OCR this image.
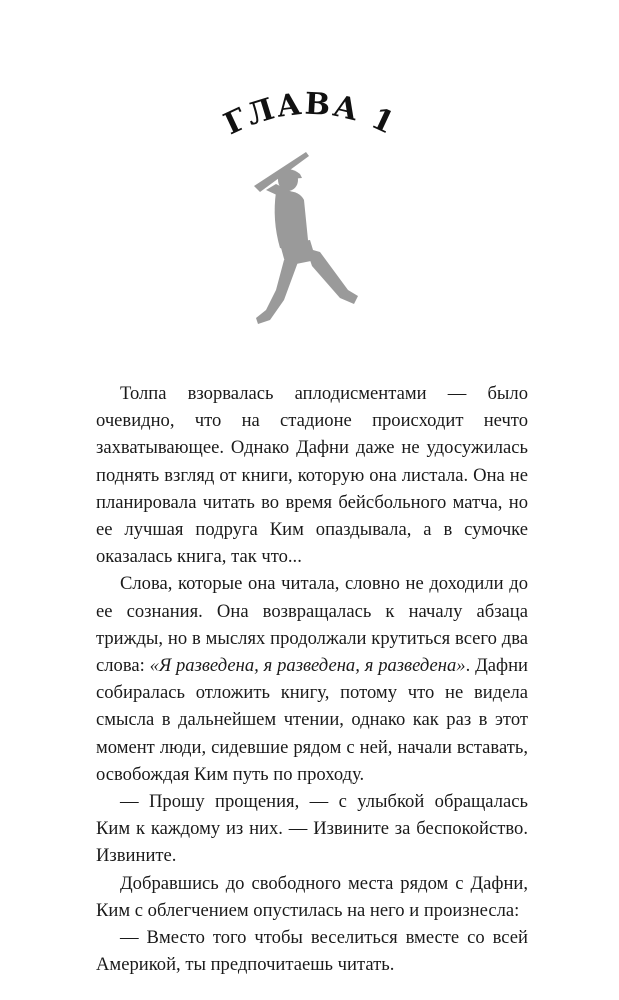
ГЛАВА 1

Толпа взорвалась аплодисментами — было очевидно, что на стадионе происходит нечто захватывающее. Однако Дафни даже не удосужилась поднять взгляд от книги, которую она листала. Она не планировала читать во время бейсбольного матча, но ее лучшая подруга Ким опаздывала, а в сумочке оказалась книга, так что...

Слова, которые она читала, словно не доходили до ее сознания. Она возвращалась к началу абзаца трижды, но в мыслях продолжали крутиться всего два слова: «Я разведена, я разведена, я разведена». Дафни собиралась отложить книгу, потому что не видела смысла в дальнейшем чтении, однако как раз в этот момент люди, сидевшие рядом с ней, начали вставать, освобождая Ким путь по проходу.

— Прошу прощения, — с улыбкой обращалась Ким к каждому из них. — Извините за беспокойство. Извините.

Добравшись до свободного места рядом с Дафни, Ким с облегчением опустилась на него и произнесла:

— Вместо того чтобы веселиться вместе со всей Америкой, ты предпочитаешь читать.
